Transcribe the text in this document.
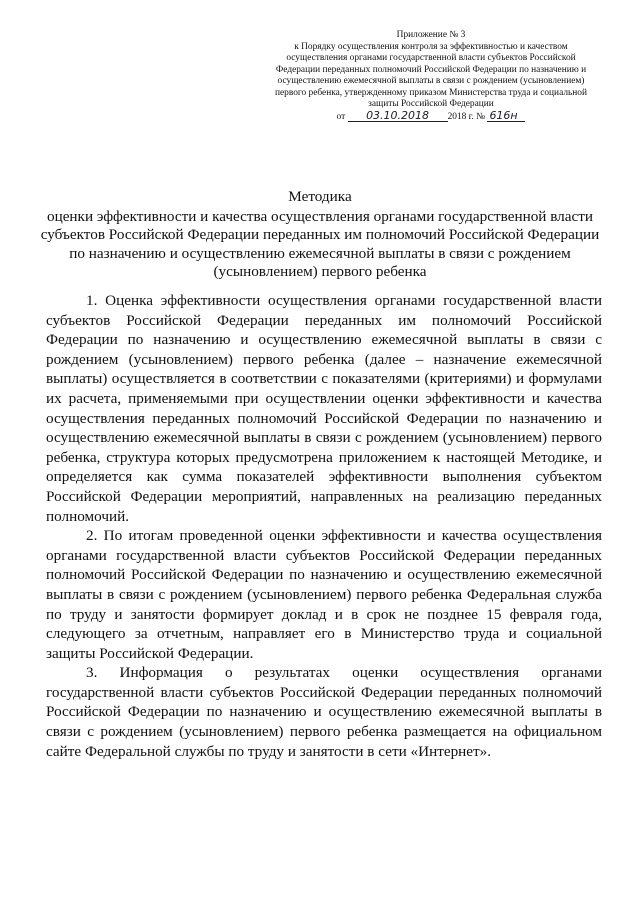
Приложение № 3
к Порядку осуществления контроля за эффективностью и качеством
осуществления органами государственной власти субъектов Российской
Федерации переданных полномочий Российской Федерации по назначению и
осуществлению ежемесячной выплаты в связи с рождением (усыновлением)
первого ребенка, утвержденному приказом Министерства труда и социальной
защиты Российской Федерации
от 03.10.2018 2018 г. № 616н
Методика
оценки эффективности и качества осуществления органами государственной власти субъектов Российской Федерации переданных им полномочий Российской Федерации по назначению и осуществлению ежемесячной выплаты в связи с рождением (усыновлением) первого ребенка

1. Оценка эффективности осуществления органами государственной власти субъектов Российской Федерации переданных им полномочий Российской Федерации по назначению и осуществлению ежемесячной выплаты в связи с рождением (усыновлением) первого ребенка (далее – назначение ежемесячной выплаты) осуществляется в соответствии с показателями (критериями) и формулами их расчета, применяемыми при осуществлении оценки эффективности и качества осуществления переданных полномочий Российской Федерации по назначению и осуществлению ежемесячной выплаты в связи с рождением (усыновлением) первого ребенка, структура которых предусмотрена приложением к настоящей Методике, и определяется как сумма показателей эффективности выполнения субъектом Российской Федерации мероприятий, направленных на реализацию переданных полномочий.

2. По итогам проведенной оценки эффективности и качества осуществления органами государственной власти субъектов Российской Федерации переданных полномочий Российской Федерации по назначению и осуществлению ежемесячной выплаты в связи с рождением (усыновлением) первого ребенка Федеральная служба по труду и занятости формирует доклад и в срок не позднее 15 февраля года, следующего за отчетным, направляет его в Министерство труда и социальной защиты Российской Федерации.

3. Информация о результатах оценки осуществления органами государственной власти субъектов Российской Федерации переданных полномочий Российской Федерации по назначению и осуществлению ежемесячной выплаты в связи с рождением (усыновлением) первого ребенка размещается на официальном сайте Федеральной службы по труду и занятости в сети «Интернет».
